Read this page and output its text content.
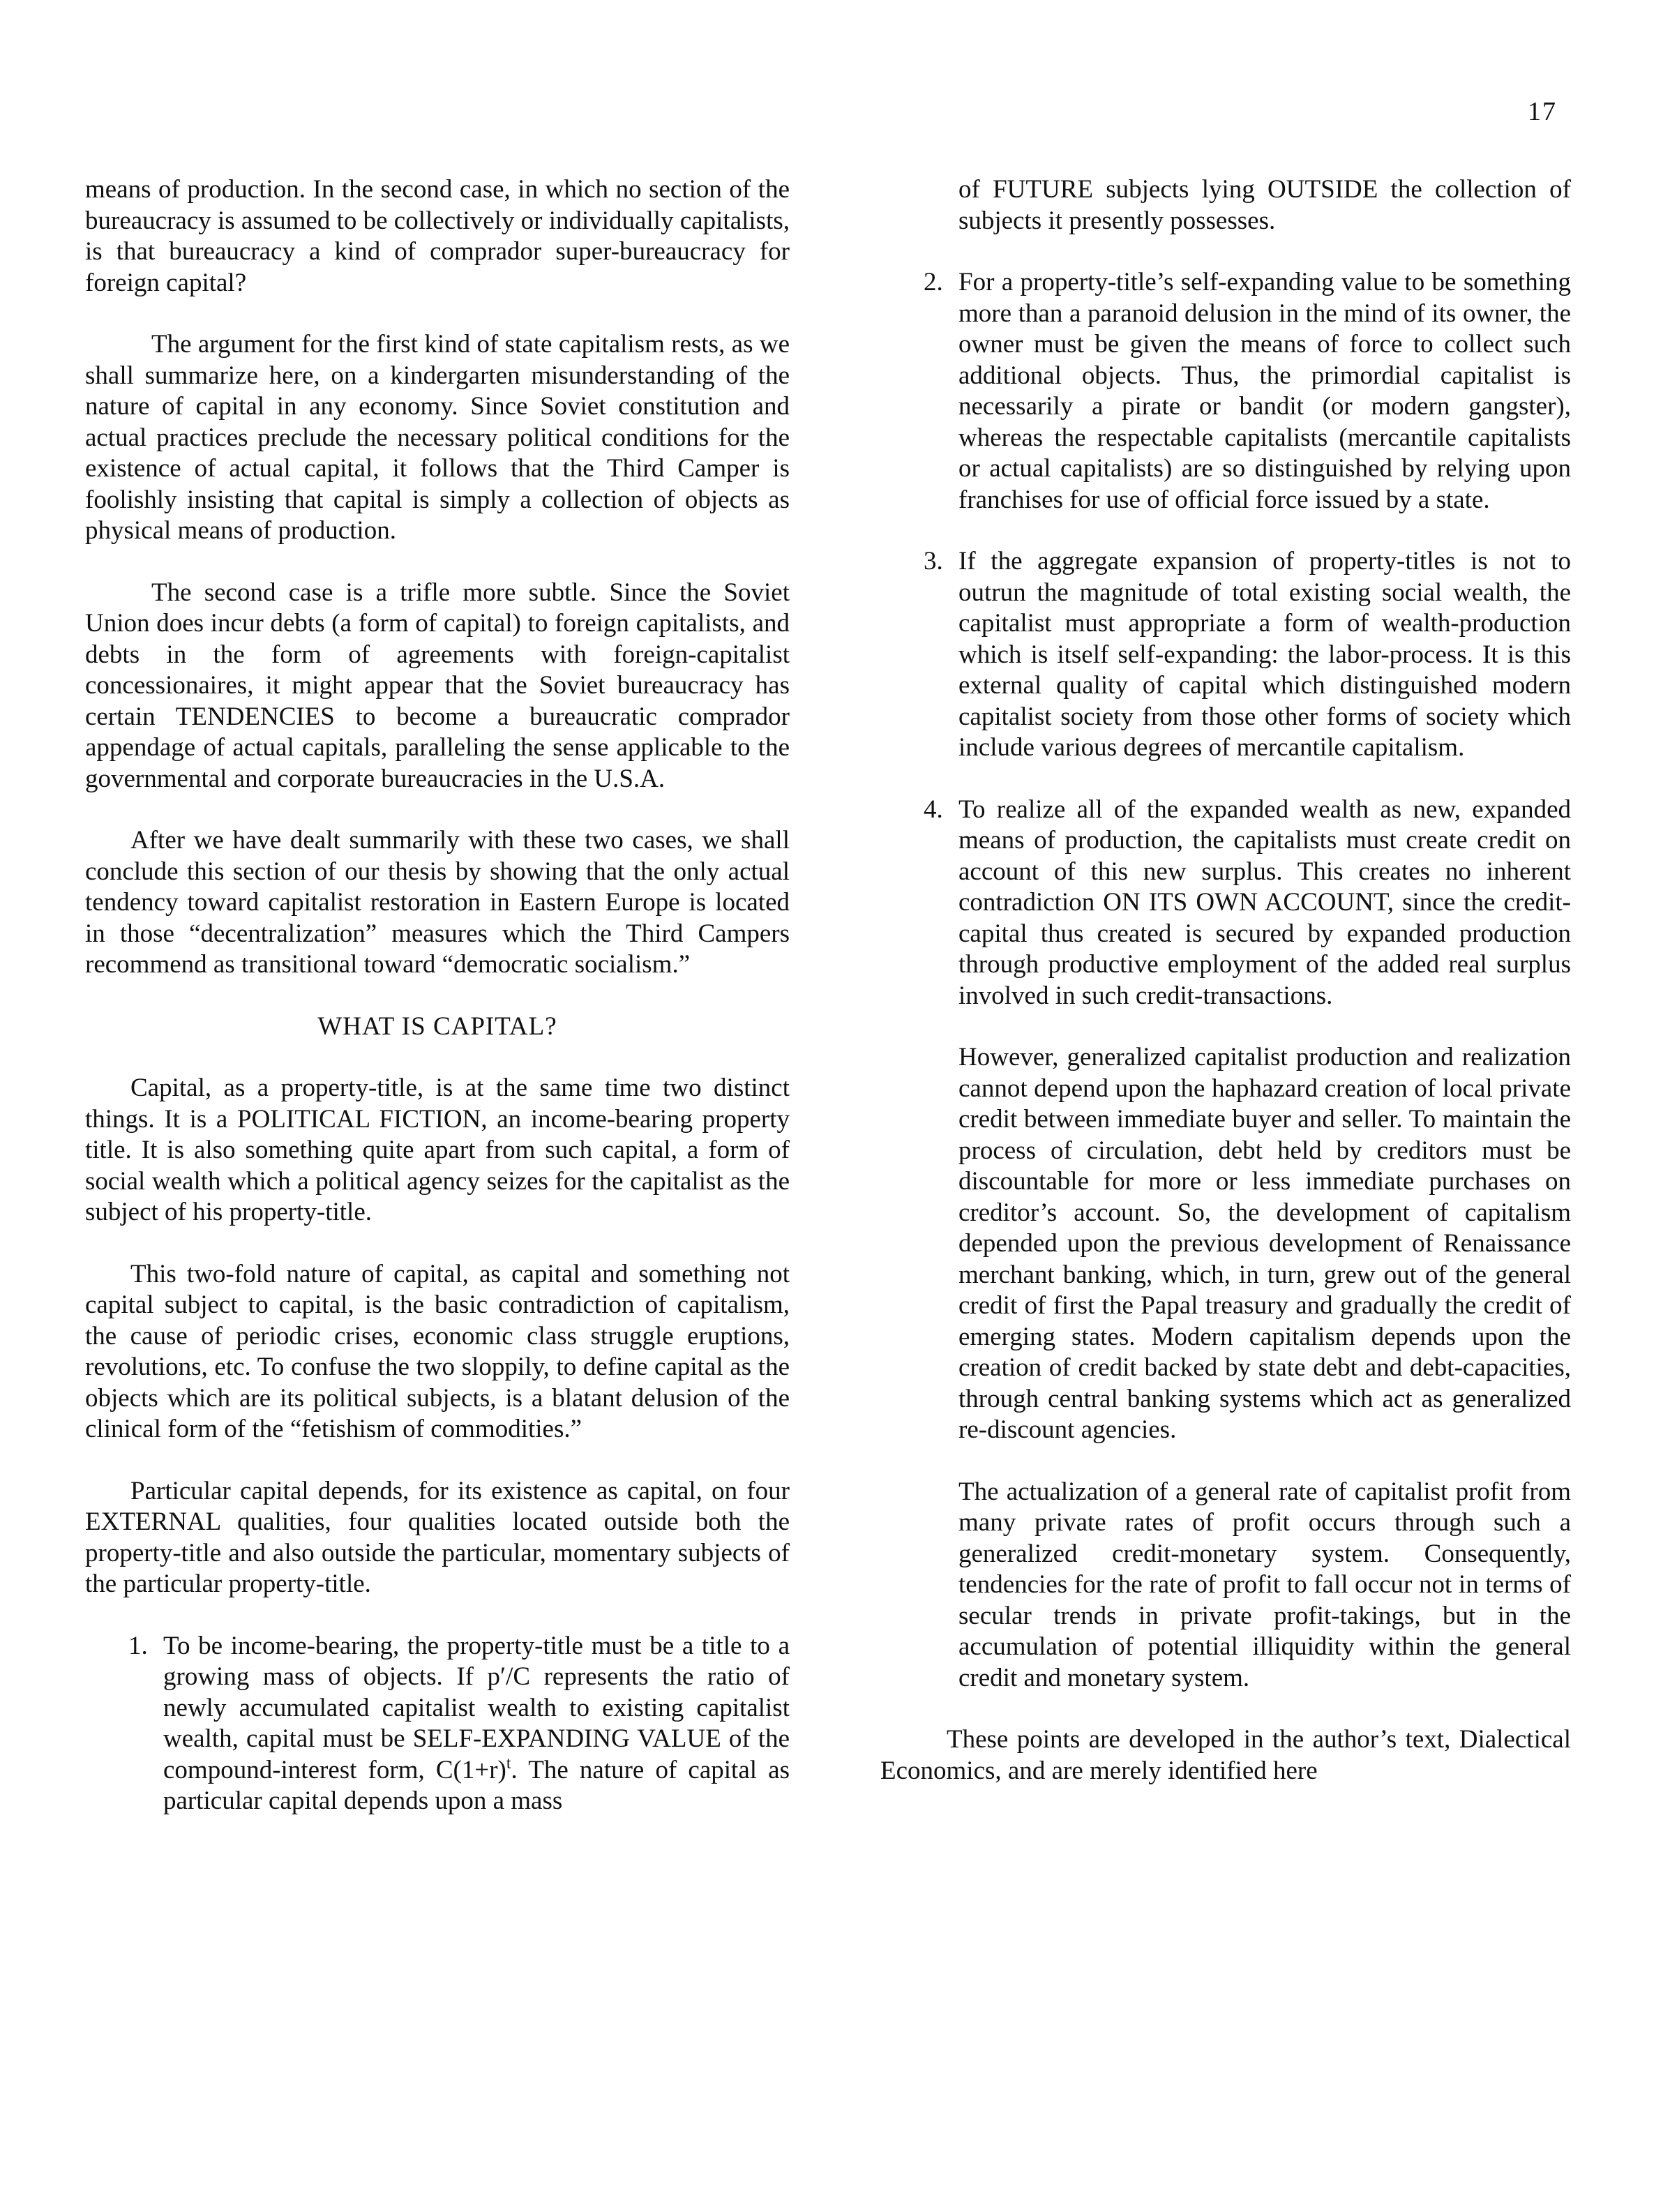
17

means of production. In the second case, in which no section of the bureaucracy is assumed to be collectively or individually capitalists, is that bureaucracy a kind of comprador super-bureaucracy for foreign capital?

The argument for the first kind of state capitalism rests, as we shall summarize here, on a kindergarten misunderstanding of the nature of capital in any economy. Since Soviet constitution and actual practices preclude the necessary political conditions for the existence of actual capital, it follows that the Third Camper is foolishly insisting that capital is simply a collection of objects as physical means of production.

The second case is a trifle more subtle. Since the Soviet Union does incur debts (a form of capital) to foreign capitalists, and debts in the form of agreements with foreign-capitalist concessionaires, it might appear that the Soviet bureaucracy has certain TENDENCIES to become a bureaucratic comprador appendage of actual capitals, paralleling the sense applicable to the governmental and corporate bureaucracies in the U.S.A.

After we have dealt summarily with these two cases, we shall conclude this section of our thesis by showing that the only actual tendency toward capitalist restoration in Eastern Europe is located in those “decentralization” measures which the Third Campers recommend as transitional toward “democratic socialism.”

WHAT IS CAPITAL?

Capital, as a property-title, is at the same time two distinct things. It is a POLITICAL FICTION, an income-bearing property title. It is also something quite apart from such capital, a form of social wealth which a political agency seizes for the capitalist as the subject of his property-title.

This two-fold nature of capital, as capital and something not capital subject to capital, is the basic contradiction of capitalism, the cause of periodic crises, economic class struggle eruptions, revolutions, etc. To confuse the two sloppily, to define capital as the objects which are its political subjects, is a blatant delusion of the clinical form of the “fetishism of commodities.”

Particular capital depends, for its existence as capital, on four EXTERNAL qualities, four qualities located outside both the property-title and also outside the particular, momentary subjects of the particular property-title.

1. To be income-bearing, the property-title must be a title to a growing mass of objects. If p′/C represents the ratio of newly accumulated capitalist wealth to existing capitalist wealth, capital must be SELF-EXPANDING VALUE of the compound-interest form, $C(1+r)^t$. The nature of capital as particular capital depends upon a mass

of FUTURE subjects lying OUTSIDE the collection of subjects it presently possesses.

2. For a property-title’s self-expanding value to be something more than a paranoid delusion in the mind of its owner, the owner must be given the means of force to collect such additional objects. Thus, the primordial capitalist is necessarily a pirate or bandit (or modern gangster), whereas the respectable capitalists (mercantile capitalists or actual capitalists) are so distinguished by relying upon franchises for use of official force issued by a state.
3. If the aggregate expansion of property-titles is not to outrun the magnitude of total existing social wealth, the capitalist must appropriate a form of wealth-production which is itself self-expanding: the labor-process. It is this external quality of capital which distinguished modern capitalist society from those other forms of society which include various degrees of mercantile capitalism.
4. To realize all of the expanded wealth as new, expanded means of production, the capitalists must create credit on account of this new surplus. This creates no inherent contradiction ON ITS OWN ACCOUNT, since the credit-capital thus created is secured by expanded production through productive employment of the added real surplus involved in such credit-transactions.

However, generalized capitalist production and realization cannot depend upon the haphazard creation of local private credit between immediate buyer and seller. To maintain the process of circulation, debt held by creditors must be discountable for more or less immediate purchases on creditor’s account. So, the development of capitalism depended upon the previous development of Renaissance merchant banking, which, in turn, grew out of the general credit of first the Papal treasury and gradually the credit of emerging states. Modern capitalism depends upon the creation of credit backed by state debt and debt-capacities, through central banking systems which act as generalized re-discount agencies.

The actualization of a general rate of capitalist profit from many private rates of profit occurs through such a generalized credit-monetary system. Consequently, tendencies for the rate of profit to fall occur not in terms of secular trends in private profit-takings, but in the accumulation of potential illiquidity within the general credit and monetary system.

These points are developed in the author’s text, Dialectical Economics, and are merely identified here
